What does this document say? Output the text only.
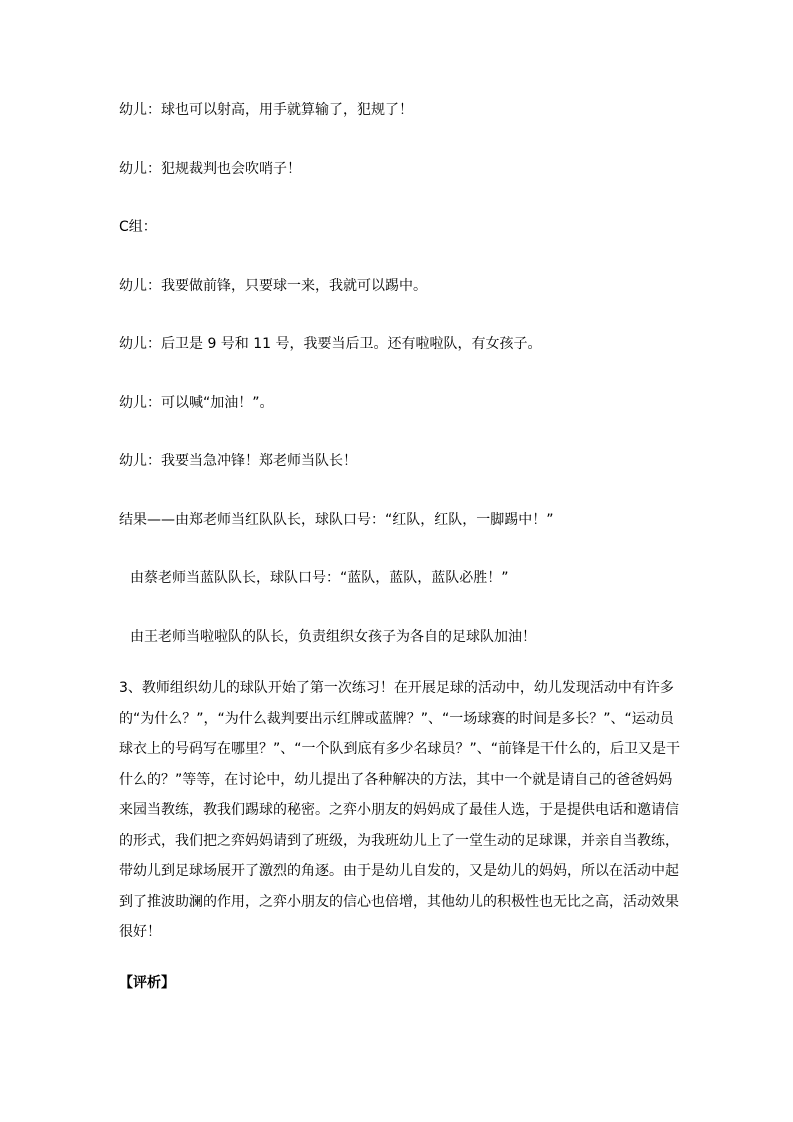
幼儿：球也可以射高，用手就算输了，犯规了！
幼儿：犯规裁判也会吹哨子！
C组：
幼儿：我要做前锋，只要球一来，我就可以踢中。
幼儿：后卫是 9 号和 11 号，我要当后卫。还有啦啦队，有女孩子。
幼儿：可以喊“加油！”。
幼儿：我要当急冲锋！郑老师当队长！
结果——由郑老师当红队队长，球队口号：“红队，红队，一脚踢中！”
由蔡老师当蓝队队长，球队口号：“蓝队，蓝队，蓝队必胜！”
由王老师当啦啦队的队长，负责组织女孩子为各自的足球队加油！
3、教师组织幼儿的球队开始了第一次练习！在开展足球的活动中，幼儿发现活动中有许多
的“为什么？”，“为什么裁判要出示红牌或蓝牌？”、“一场球赛的时间是多长？”、“运动员
球衣上的号码写在哪里？”、“一个队到底有多少名球员？”、“前锋是干什么的，后卫又是干
什么的？”等等，在讨论中，幼儿提出了各种解决的方法，其中一个就是请自己的爸爸妈妈
来园当教练，教我们踢球的秘密。之弈小朋友的妈妈成了最佳人选，于是提供电话和邀请信
的形式，我们把之弈妈妈请到了班级，为我班幼儿上了一堂生动的足球课，并亲自当教练，
带幼儿到足球场展开了激烈的角逐。由于是幼儿自发的，又是幼儿的妈妈，所以在活动中起
到了推波助澜的作用，之弈小朋友的信心也倍增，其他幼儿的积极性也无比之高，活动效果
很好！
【评析】
